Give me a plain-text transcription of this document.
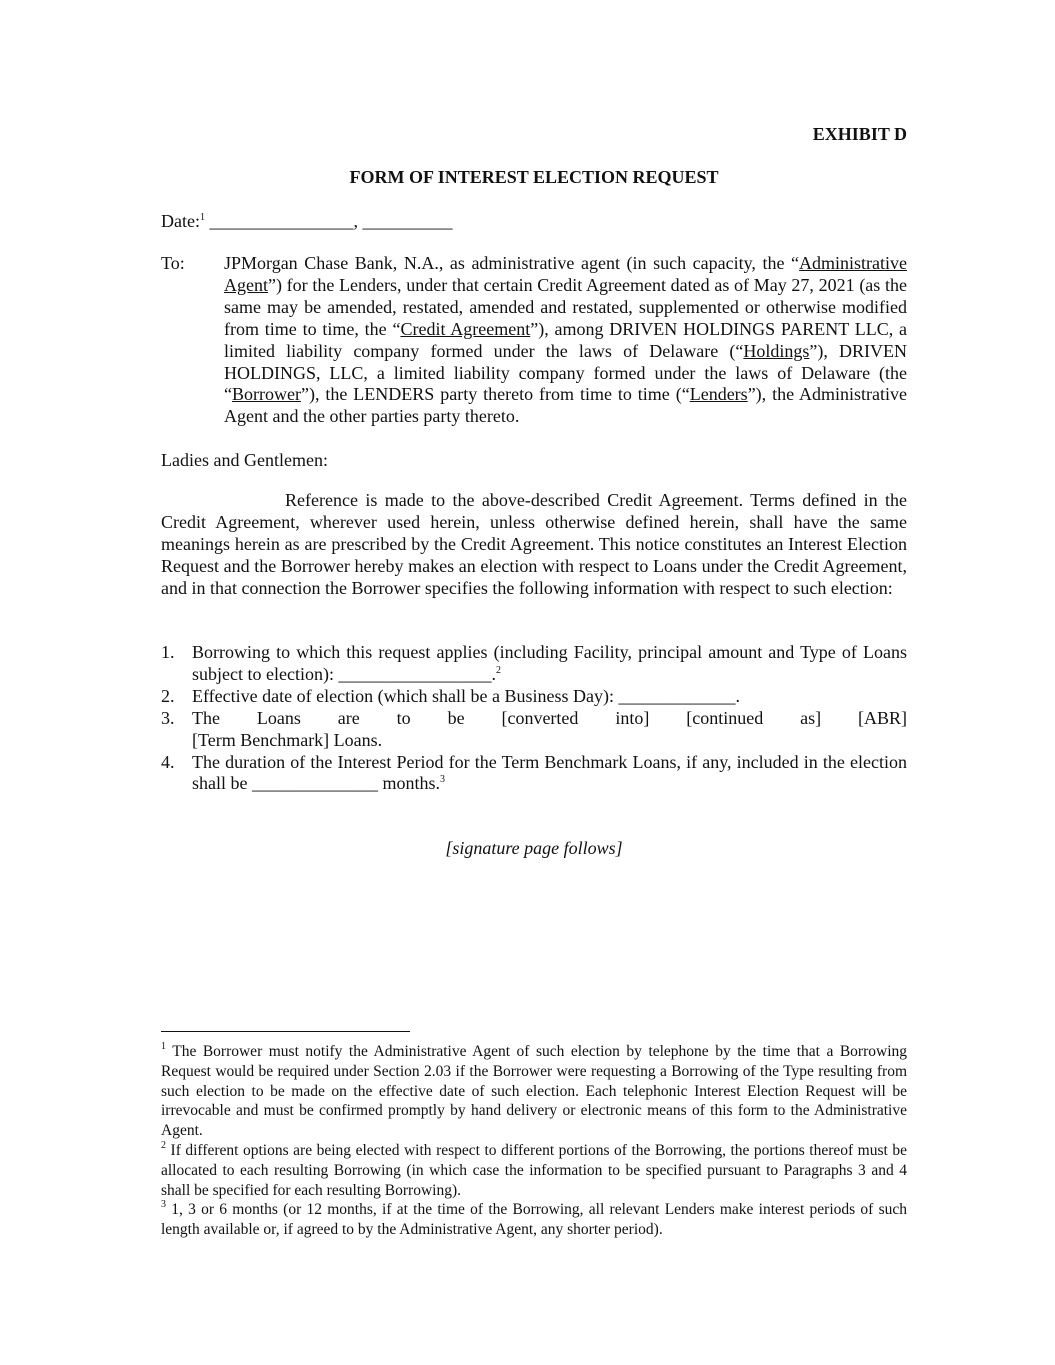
EXHIBIT D
FORM OF INTEREST ELECTION REQUEST
Date:$^1$ ________________, __________
To: JPMorgan Chase Bank, N.A., as administrative agent (in such capacity, the “Administrative Agent”) for the Lenders, under that certain Credit Agreement dated as of May 27, 2021 (as the same may be amended, restated, amended and restated, supplemented or otherwise modified from time to time, the “Credit Agreement”), among DRIVEN HOLDINGS PARENT LLC, a limited liability company formed under the laws of Delaware (“Holdings”), DRIVEN HOLDINGS, LLC, a limited liability company formed under the laws of Delaware (the “Borrower”), the LENDERS party thereto from time to time (“Lenders”), the Administrative Agent and the other parties party thereto.
Ladies and Gentlemen:
Reference is made to the above-described Credit Agreement. Terms defined in the Credit Agreement, wherever used herein, unless otherwise defined herein, shall have the same meanings herein as are prescribed by the Credit Agreement. This notice constitutes an Interest Election Request and the Borrower hereby makes an election with respect to Loans under the Credit Agreement, and in that connection the Borrower specifies the following information with respect to such election:
1. Borrowing to which this request applies (including Facility, principal amount and Type of Loans subject to election): _________________.$^2$
2. Effective date of election (which shall be a Business Day): _____________.
3. The Loans are to be [converted into] [continued as] [ABR]
[Term Benchmark] Loans.
4. The duration of the Interest Period for the Term Benchmark Loans, if any, included in the election shall be ______________ months.$^3$
[signature page follows]

$^1$ The Borrower must notify the Administrative Agent of such election by telephone by the time that a Borrowing Request would be required under Section 2.03 if the Borrower were requesting a Borrowing of the Type resulting from such election to be made on the effective date of such election. Each telephonic Interest Election Request will be irrevocable and must be confirmed promptly by hand delivery or electronic means of this form to the Administrative Agent.

$^2$ If different options are being elected with respect to different portions of the Borrowing, the portions thereof must be allocated to each resulting Borrowing (in which case the information to be specified pursuant to Paragraphs 3 and 4 shall be specified for each resulting Borrowing).

$^3$ 1, 3 or 6 months (or 12 months, if at the time of the Borrowing, all relevant Lenders make interest periods of such length available or, if agreed to by the Administrative Agent, any shorter period).
